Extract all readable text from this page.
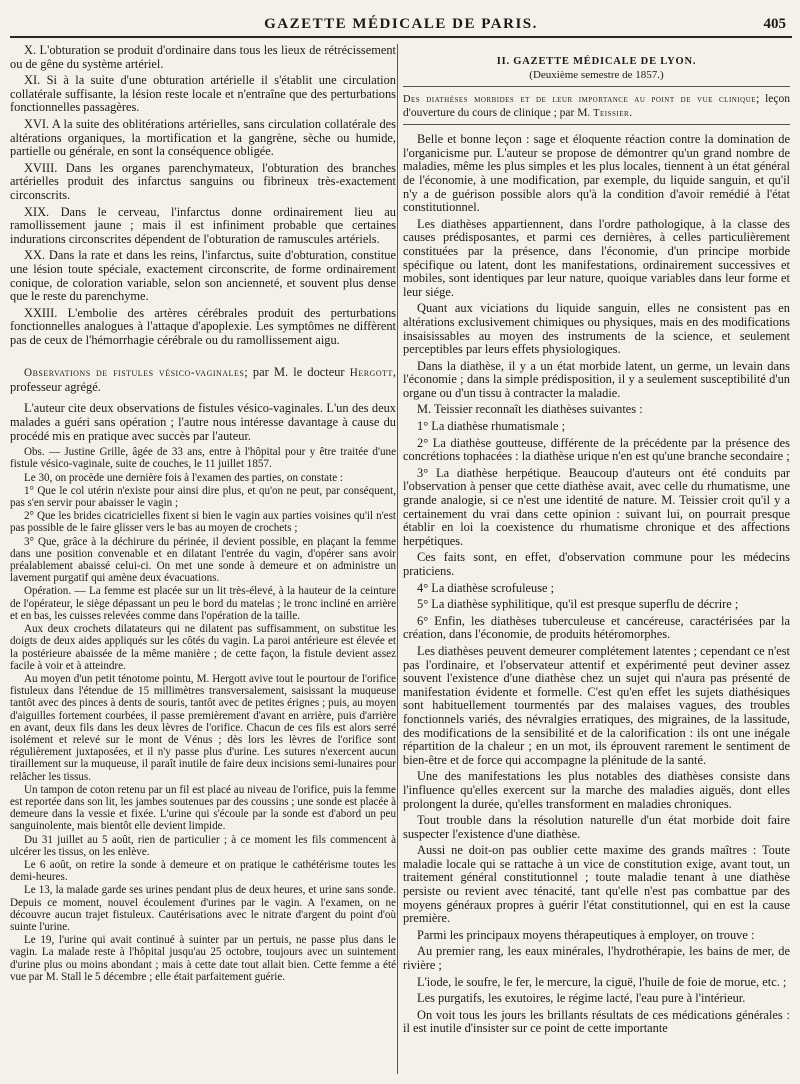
GAZETTE MÉDICALE DE PARIS.	405

X. L'obturation se produit d'ordinaire dans tous les lieux de rétrécissement ou de gêne du système artériel.

XI. Si à la suite d'une obturation artérielle il s'établit une circulation collatérale suffisante, la lésion reste locale et n'entraîne que des perturbations fonctionnelles passagères.

XVI. A la suite des oblitérations artérielles, sans circulation collatérale des altérations organiques, la mortification et la gangrène, sèche ou humide, partielle ou générale, en sont la conséquence obligée.

XVIII. Dans les organes parenchymateux, l'obturation des branches artérielles produit des infarctus sanguins ou fibrineux très-exactement circonscrits.

XIX. Dans le cerveau, l'infarctus donne ordinairement lieu au ramollissement jaune ; mais il est infiniment probable que certaines indurations circonscrites dépendent de l'obturation de ramuscules artériels.

XX. Dans la rate et dans les reins, l'infarctus, suite d'obturation, constitue une lésion toute spéciale, exactement circonscrite, de forme ordinairement conique, de coloration variable, selon son ancienneté, et souvent plus dense que le reste du parenchyme.

XXIII. L'embolie des artères cérébrales produit des perturbations fonctionnelles analogues à l'attaque d'apoplexie. Les symptômes ne diffèrent pas de ceux de l'hémorrhagie cérébrale ou du ramollissement aigu.

Observations de fistules vésico-vaginales; par M. le docteur Hergott, professeur agrégé.

L'auteur cite deux observations de fistules vésico-vaginales. L'un des deux malades a guéri sans opération ; l'autre nous intéresse davantage à cause du procédé mis en pratique avec succès par l'auteur.

Obs. — Justine Grille, âgée de 33 ans, entre à l'hôpital pour y être traitée d'une fistule vésico-vaginale, suite de couches, le 11 juillet 1857.

Le 30, on procède une dernière fois à l'examen des parties, on constate :

1° Que le col utérin n'existe pour ainsi dire plus, et qu'on ne peut, par conséquent, pas s'en servir pour abaisser le vagin ;

2° Que les brides cicatricielles fixent si bien le vagin aux parties voisines qu'il n'est pas possible de le faire glisser vers le bas au moyen de crochets ;

3° Que, grâce à la déchirure du périnée, il devient possible, en plaçant la femme dans une position convenable et en dilatant l'entrée du vagin, d'opérer sans avoir préalablement abaissé celui-ci. On met une sonde à demeure et on administre un lavement purgatif qui amène deux évacuations.

Opération. — La femme est placée sur un lit très-élevé, à la hauteur de la ceinture de l'opérateur, le siège dépassant un peu le bord du matelas ; le tronc incliné en arrière et en bas, les cuisses relevées comme dans l'opération de la taille.

Aux deux crochets dilatateurs qui ne dilatent pas suffisamment, on substitue les doigts de deux aides appliqués sur les côtés du vagin. La paroi antérieure est élevée et la postérieure abaissée de la même manière ; de cette façon, la fistule devient assez facile à voir et à atteindre.

Au moyen d'un petit ténotome pointu, M. Hergott avive tout le pourtour de l'orifice fistuleux dans l'étendue de 15 millimètres transversalement, saisissant la muqueuse tantôt avec des pinces à dents de souris, tantôt avec de petites érignes ; puis, au moyen d'aiguilles fortement courbées, il passe premièrement d'avant en arrière, puis d'arrière en avant, deux fils dans les deux lèvres de l'orifice. Chacun de ces fils est alors serré isolément et relevé sur le mont de Vénus ; dès lors les lèvres de l'orifice sont régulièrement juxtaposées, et il n'y passe plus d'urine. Les sutures n'exercent aucun tiraillement sur la muqueuse, il paraît inutile de faire deux incisions semi-lunaires pour relâcher les tissus.

Un tampon de coton retenu par un fil est placé au niveau de l'orifice, puis la femme est reportée dans son lit, les jambes soutenues par des coussins ; une sonde est placée à demeure dans la vessie et fixée. L'urine qui s'écoule par la sonde est d'abord un peu sanguinolente, mais bientôt elle devient limpide.

Du 31 juillet au 5 août, rien de particulier ; à ce moment les fils commencent à ulcérer les tissus, on les enlève.

Le 6 août, on retire la sonde à demeure et on pratique le cathétérisme toutes les demi-heures.

Le 13, la malade garde ses urines pendant plus de deux heures, et urine sans sonde. Depuis ce moment, nouvel écoulement d'urines par le vagin. A l'examen, on ne découvre aucun trajet fistuleux. Cautérisations avec le nitrate d'argent du point d'où suinte l'urine.

Le 19, l'urine qui avait continué à suinter par un pertuis, ne passe plus dans le vagin. La malade reste à l'hôpital jusqu'au 25 octobre, toujours avec un suintement d'urine plus ou moins abondant ; mais à cette date tout allait bien. Cette femme a été vue par M. Stall le 5 décembre ; elle était parfaitement guérie.

II. GAZETTE MÉDICALE DE LYON.
(Deuxième semestre de 1857.)
Des diathèses morbides et de leur importance au point de vue clinique; leçon d'ouverture du cours de clinique ; par M. Teissier.

Belle et bonne leçon : sage et éloquente réaction contre la domination de l'organicisme pur. L'auteur se propose de démontrer qu'un grand nombre de maladies, même les plus simples et les plus locales, tiennent à un état général de l'économie, à une modification, par exemple, du liquide sanguin, et qu'il n'y a de guérison possible alors qu'à la condition d'avoir remédié à l'état constitutionnel.

Les diathèses appartiennent, dans l'ordre pathologique, à la classe des causes prédisposantes, et parmi ces dernières, à celles particulièrement constituées par la présence, dans l'économie, d'un principe morbide spécifique ou latent, dont les manifestations, ordinairement successives et mobiles, sont identiques par leur nature, quoique variables dans leur forme et leur siége.

Quant aux viciations du liquide sanguin, elles ne consistent pas en altérations exclusivement chimiques ou physiques, mais en des modifications insaisissables au moyen des instruments de la science, et seulement perceptibles par leurs effets physiologiques.

Dans la diathèse, il y a un état morbide latent, un germe, un levain dans l'économie ; dans la simple prédisposition, il y a seulement susceptibilité d'un organe ou d'un tissu à contracter la maladie.

M. Teissier reconnaît les diathèses suivantes :

1° La diathèse rhumatismale ;

2° La diathèse goutteuse, différente de la précédente par la présence des concrétions tophacées : la diathèse urique n'en est qu'une branche secondaire ;

3° La diathèse herpétique. Beaucoup d'auteurs ont été conduits par l'observation à penser que cette diathèse avait, avec celle du rhumatisme, une grande analogie, si ce n'est une identité de nature. M. Teissier croit qu'il y a certainement du vrai dans cette opinion : suivant lui, on pourrait presque établir en loi la coexistence du rhumatisme chronique et des affections herpétiques.

Ces faits sont, en effet, d'observation commune pour les médecins praticiens.

4° La diathèse scrofuleuse ;

5° La diathèse syphilitique, qu'il est presque superflu de décrire ;

6° Enfin, les diathèses tuberculeuse et cancéreuse, caractérisées par la création, dans l'économie, de produits hétéromorphes.

Les diathèses peuvent demeurer complétement latentes ; cependant ce n'est pas l'ordinaire, et l'observateur attentif et expérimenté peut deviner assez souvent l'existence d'une diathèse chez un sujet qui n'aura pas présenté de manifestation évidente et formelle. C'est qu'en effet les sujets diathésiques sont habituellement tourmentés par des malaises vagues, des troubles fonctionnels variés, des névralgies erratiques, des migraines, de la lassitude, des modifications de la sensibilité et de la calorification : ils ont une inégale répartition de la chaleur ; en un mot, ils éprouvent rarement le sentiment de bien-être et de force qui accompagne la plénitude de la santé.

Une des manifestations les plus notables des diathèses consiste dans l'influence qu'elles exercent sur la marche des maladies aiguës, dont elles prolongent la durée, qu'elles transforment en maladies chroniques.

Tout trouble dans la résolution naturelle d'un état morbide doit faire suspecter l'existence d'une diathèse.

Aussi ne doit-on pas oublier cette maxime des grands maîtres : Toute maladie locale qui se rattache à un vice de constitution exige, avant tout, un traitement général constitutionnel ; toute maladie tenant à une diathèse persiste ou revient avec ténacité, tant qu'elle n'est pas combattue par des moyens généraux propres à guérir l'état constitutionnel, qui en est la cause première.

Parmi les principaux moyens thérapeutiques à employer, on trouve :

Au premier rang, les eaux minérales, l'hydrothérapie, les bains de mer, de rivière ;

L'iode, le soufre, le fer, le mercure, la ciguë, l'huile de foie de morue, etc. ;

Les purgatifs, les exutoires, le régime lacté, l'eau pure à l'intérieur.

On voit tous les jours les brillants résultats de ces médications générales : il est inutile d'insister sur ce point de cette importante
